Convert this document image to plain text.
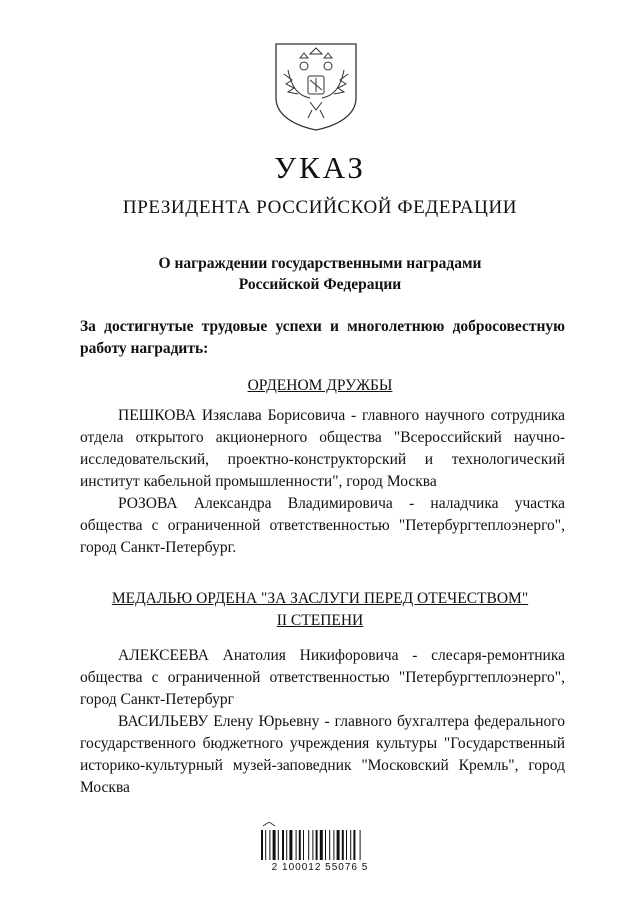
УКАЗ
ПРЕЗИДЕНТА РОССИЙСКОЙ ФЕДЕРАЦИИ
О награждении государственными наградами
Российской Федерации
За достигнутые трудовые успехи и многолетнюю добросовестную работу наградить:
ОРДЕНОМ ДРУЖБЫ

ПЕШКОВА Изяслава Борисовича - главного научного сотрудника отдела открытого акционерного общества "Всероссийский научно-исследовательский, проектно-конструкторский и технологический институт кабельной промышленности", город Москва

РОЗОВА Александра Владимировича - наладчика участка общества с ограниченной ответственностью "Петербургтеплоэнерго", город Санкт-Петербург.

МЕДАЛЬЮ ОРДЕНА "ЗА ЗАСЛУГИ ПЕРЕД ОТЕЧЕСТВОМ"
II СТЕПЕНИ

АЛЕКСЕЕВА Анатолия Никифоровича - слесаря-ремонтника общества с ограниченной ответственностью "Петербургтеплоэнерго", город Санкт-Петербург

ВАСИЛЬЕВУ Елену Юрьевну - главного бухгалтера федерального государственного бюджетного учреждения культуры "Государственный историко-культурный музей-заповедник "Московский Кремль", город Москва

2 100012 55076 5
